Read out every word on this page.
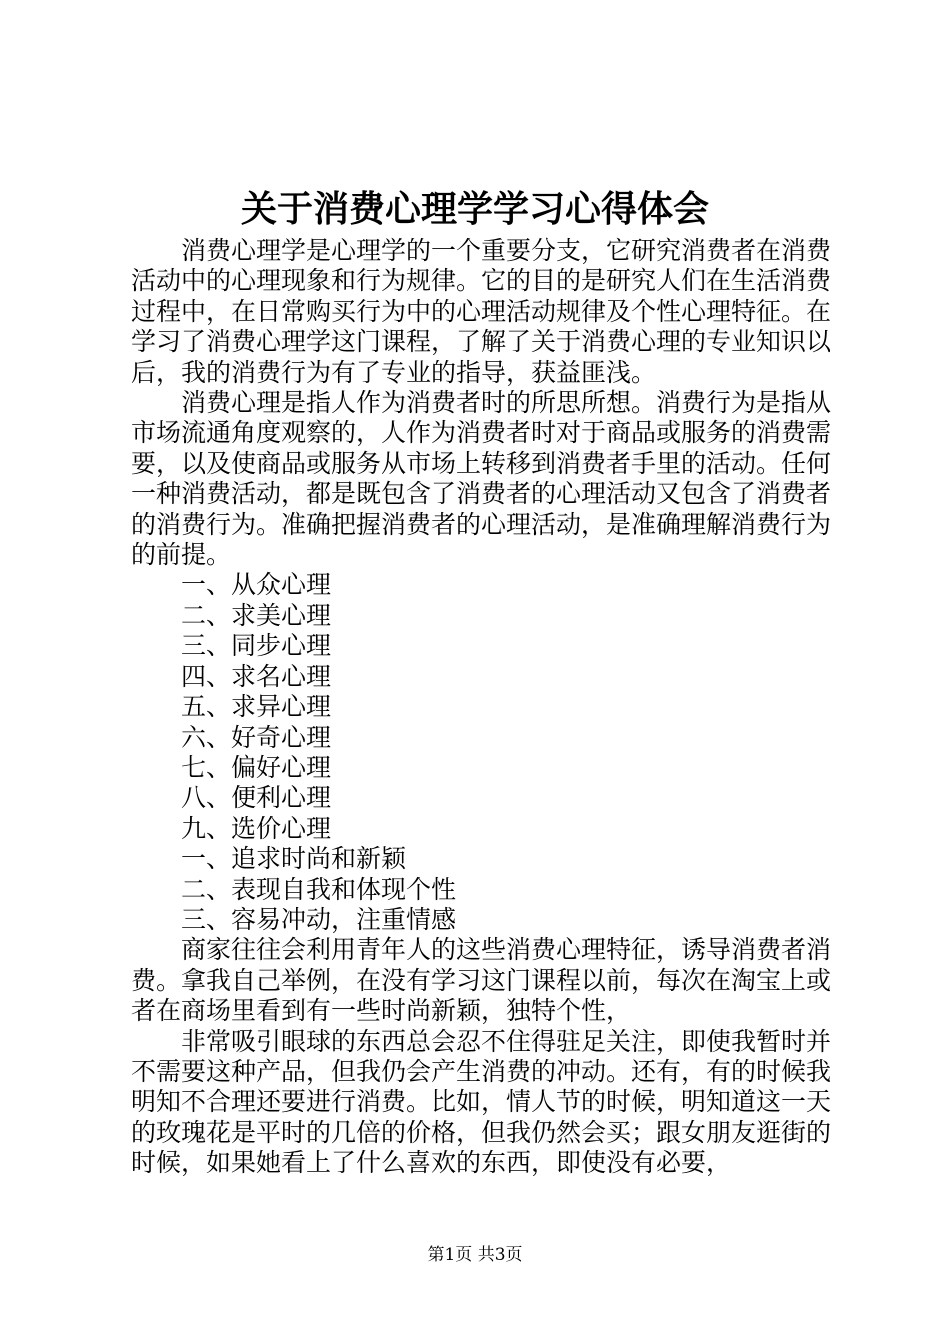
关于消费心理学学习心得体会

消费心理学是心理学的一个重要分支，它研究消费者在消费活动中的心理现象和行为规律。它的目的是研究人们在生活消费过程中，在日常购买行为中的心理活动规律及个性心理特征。在学习了消费心理学这门课程，了解了关于消费心理的专业知识以后，我的消费行为有了专业的指导，获益匪浅。

消费心理是指人作为消费者时的所思所想。消费行为是指从市场流通角度观察的，人作为消费者时对于商品或服务的消费需要，以及使商品或服务从市场上转移到消费者手里的活动。任何一种消费活动，都是既包含了消费者的心理活动又包含了消费者的消费行为。准确把握消费者的心理活动，是准确理解消费行为的前提。

一、从众心理

二、求美心理

三、同步心理

四、求名心理

五、求异心理

六、好奇心理

七、偏好心理

八、便利心理

九、选价心理

一、追求时尚和新颖

二、表现自我和体现个性

三、容易冲动，注重情感

商家往往会利用青年人的这些消费心理特征，诱导消费者消费。拿我自己举例，在没有学习这门课程以前，每次在淘宝上或者在商场里看到有一些时尚新颖，独特个性，

非常吸引眼球的东西总会忍不住得驻足关注，即使我暂时并不需要这种产品，但我仍会产生消费的冲动。还有，有的时候我明知不合理还要进行消费。比如，情人节的时候，明知道这一天的玫瑰花是平时的几倍的价格，但我仍然会买；跟女朋友逛街的时候，如果她看上了什么喜欢的东西，即使没有必要，

第1页 共3页
